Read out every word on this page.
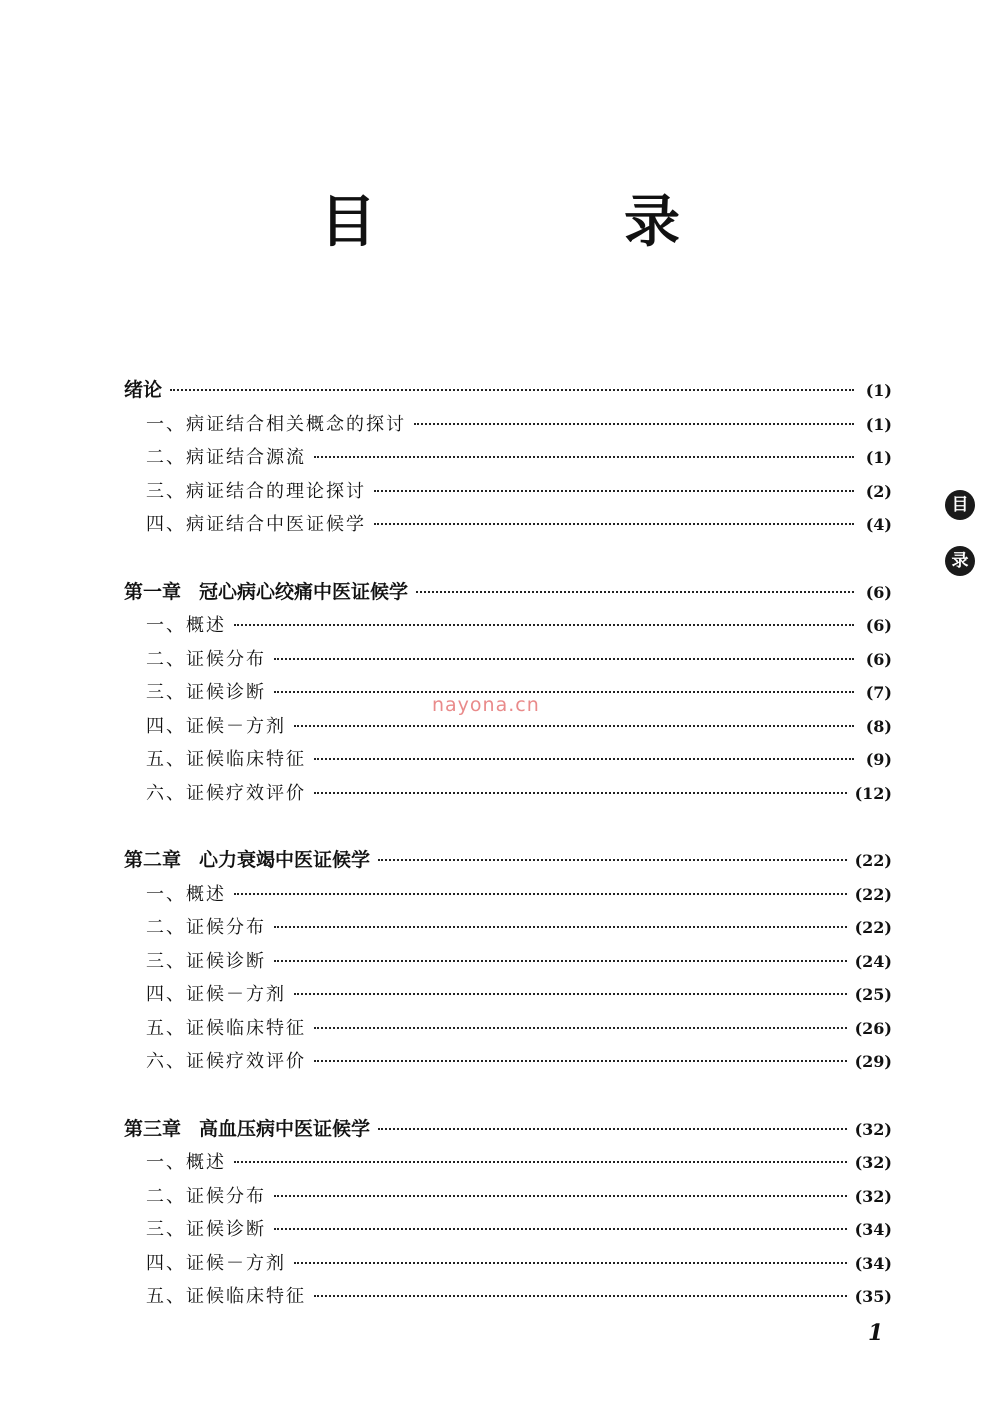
目　录
目
录
nayona.cn
绪论	(1)
一、病证结合相关概念的探讨	(1)
二、病证结合源流	(1)
三、病证结合的理论探讨	(2)
四、病证结合中医证候学	(4)
第一章 冠心病心绞痛中医证候学	(6)
一、概述	(6)
二、证候分布	(6)
三、证候诊断	(7)
四、证候－方剂	(8)
五、证候临床特征	(9)
六、证候疗效评价	(12)
第二章 心力衰竭中医证候学	(22)
一、概述	(22)
二、证候分布	(22)
三、证候诊断	(24)
四、证候－方剂	(25)
五、证候临床特征	(26)
六、证候疗效评价	(29)
第三章 高血压病中医证候学	(32)
一、概述	(32)
二、证候分布	(32)
三、证候诊断	(34)
四、证候－方剂	(34)
五、证候临床特征	(35)
1
